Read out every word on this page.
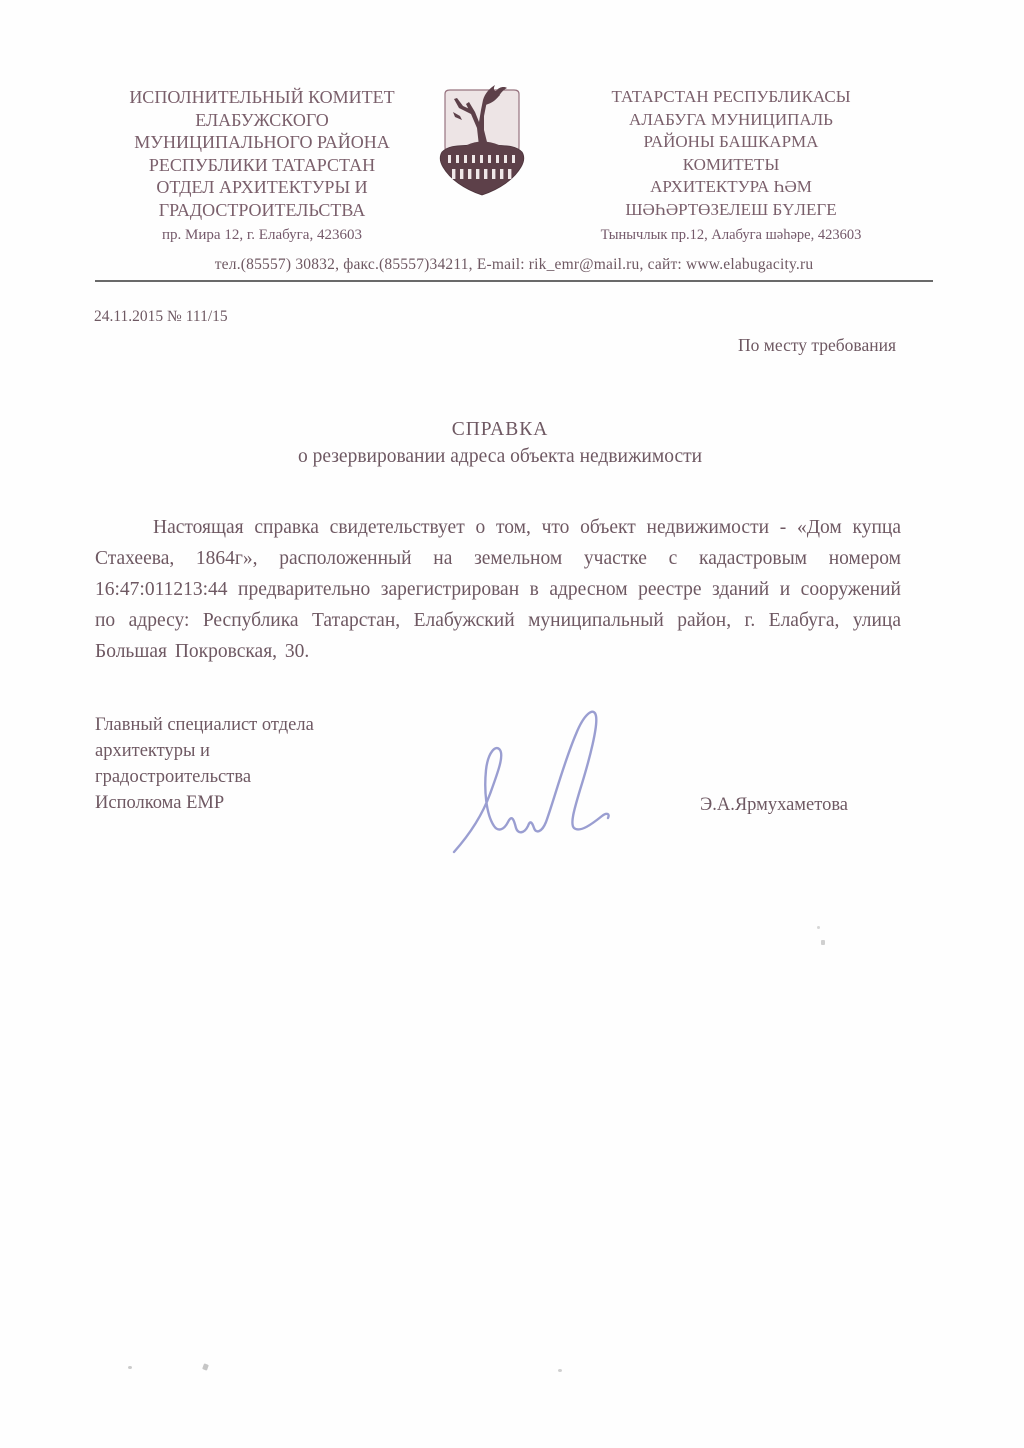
ИСПОЛНИТЕЛЬНЫЙ КОМИТЕТ
ЕЛАБУЖСКОГО
МУНИЦИПАЛЬНОГО РАЙОНА
РЕСПУБЛИКИ ТАТАРСТАН
ОТДЕЛ АРХИТЕКТУРЫ И
ГРАДОСТРОИТЕЛЬСТВА
пр. Мира 12, г. Елабуга, 423603
ТАТАРСТАН РЕСПУБЛИКАСЫ
АЛАБУГА МУНИЦИПАЛЬ
РАЙОНЫ БАШКАРМА
КОМИТЕТЫ
АРХИТЕКТУРА ҺӘМ
ШӘҺӘРТӨЗЕЛЕШ БҮЛЕГЕ
Тынычлык пр.12, Алабуга шәһәре, 423603
тел.(85557) 30832, факс.(85557)34211, E-mail: rik_emr@mail.ru, сайт: www.elabugacity.ru
24.11.2015 № 111/15
По месту требования
СПРАВКА
о резервировании адреса объекта недвижимости

Настоящая справка свидетельствует о том, что объект недвижимости - «Дом купца Стахеева, 1864г», расположенный на земельном участке с кадастровым номером 16:47:011213:44 предварительно зарегистрирован в адресном реестре зданий и сооружений по адресу: Республика Татарстан, Елабужский муниципальный район, г. Елабуга, улица Большая Покровская, 30.

Главный специалист отдела
архитектуры и
градостроительства
Исполкома ЕМР	Э.А.Ярмухаметова
